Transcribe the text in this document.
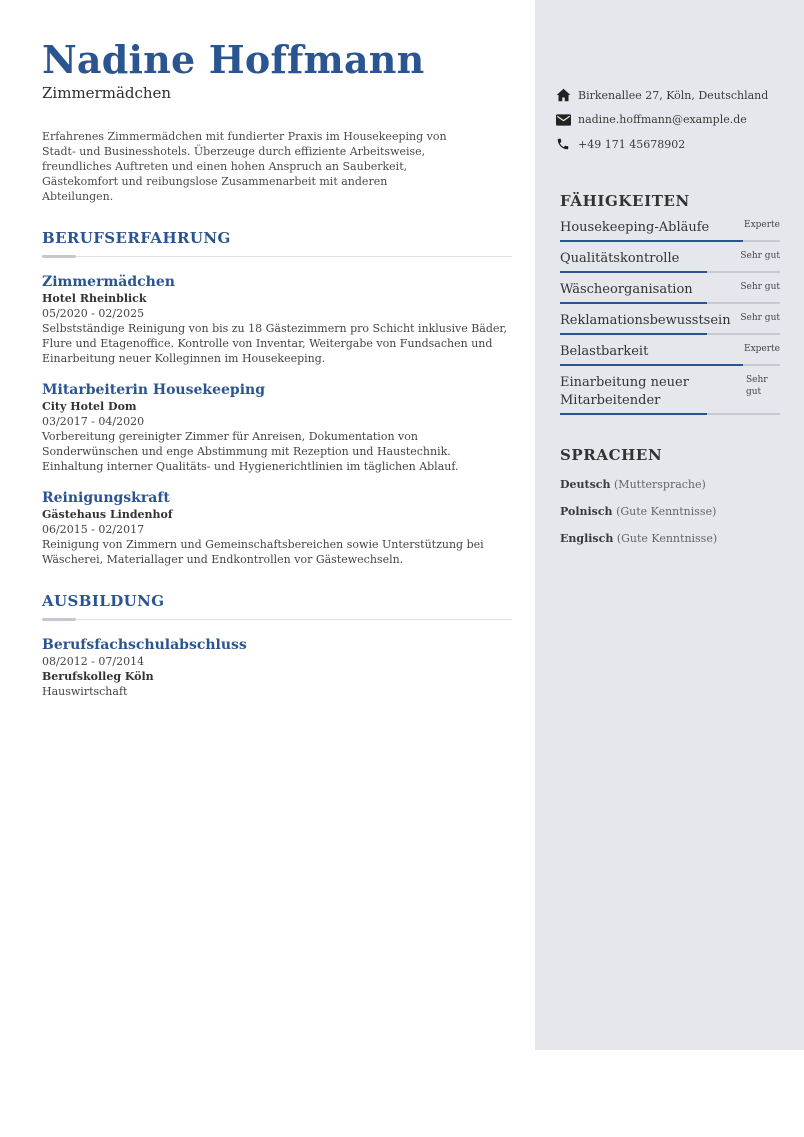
Nadine Hoffmann
Zimmermädchen
Erfahrenes Zimmermädchen mit fundierter Praxis im Housekeeping von Stadt- und Businesshotels. Überzeuge durch effiziente Arbeitsweise, freundliches Auftreten und einen hohen Anspruch an Sauberkeit, Gästekomfort und reibungslose Zusammenarbeit mit anderen Abteilungen.
BERUFSERFAHRUNG
Zimmermädchen
Hotel Rheinblick
05/2020 - 02/2025
Selbstständige Reinigung von bis zu 18 Gästezimmern pro Schicht inklusive Bäder, Flure und Etagenoffice. Kontrolle von Inventar, Weitergabe von Fundsachen und Einarbeitung neuer Kolleginnen im Housekeeping.
Mitarbeiterin Housekeeping
City Hotel Dom
03/2017 - 04/2020
Vorbereitung gereinigter Zimmer für Anreisen, Dokumentation von Sonderwünschen und enge Abstimmung mit Rezeption und Haustechnik. Einhaltung interner Qualitäts- und Hygienerichtlinien im täglichen Ablauf.
Reinigungskraft
Gästehaus Lindenhof
06/2015 - 02/2017
Reinigung von Zimmern und Gemeinschaftsbereichen sowie Unterstützung bei Wäscherei, Materiallager und Endkontrollen vor Gästewechseln.
AUSBILDUNG
Berufsfachschulabschluss
08/2012 - 07/2014
Berufskolleg Köln
Hauswirtschaft
Birkenallee 27, Köln, Deutschland
nadine.hoffmann@example.de
+49 171 45678902
FÄHIGKEITEN
Housekeeping-Abläufe	Experte
Qualitätskontrolle	Sehr gut
Wäscheorganisation	Sehr gut
Reklamationsbewusstsein Sehr gut
Belastbarkeit	Experte
Einarbeitung neuer Mitarbeitender
Sehr gut
SPRACHEN
Deutsch (Muttersprache)
Polnisch (Gute Kenntnisse)
Englisch (Gute Kenntnisse)
